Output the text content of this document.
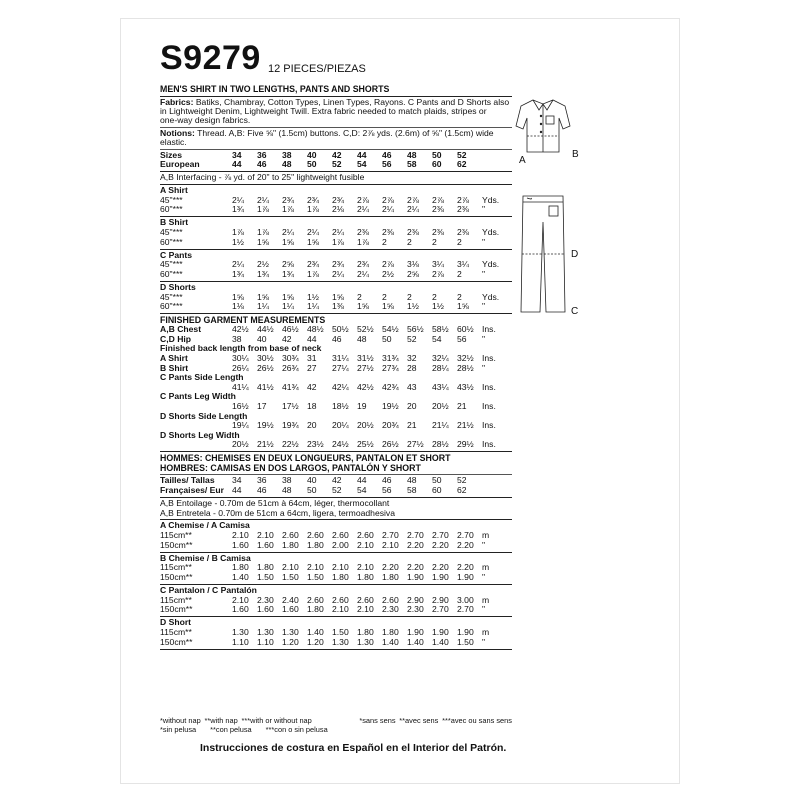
S9279 12 PIECES/PIEZAS
MEN'S SHIRT IN TWO LENGTHS, PANTS AND SHORTS
Fabrics: Batiks, Chambray, Cotton Types, Linen Types, Rayons. C Pants and D Shorts also
in Lightweight Denim, Lightweight Twill. Extra fabric needed to match plaids, stripes or
one-way design fabrics.
Notions: Thread. A,B: Five ⅝" (1.5cm) buttons. C,D: 2⅞ yds. (2.6m) of ⅝" (1.5cm) wide
elastic.
Sizes	34	36	38	40	42	44	46	48	50	52
European	44	46	48	50	52	54	56	58	60	62
A,B Interfacing - ⅞ yd. of 20" to 25" lightweight fusible
A Shirt
45"***	2¼	2¼	2¾	2¾	2¾	2⅞	2⅞	2⅞	2⅞	2⅞	Yds.
60"***	1¾	1⅞	1⅞	1⅞	2⅛	2¼	2¼	2¼	2⅜	2⅜	"
B Shirt
45"***	1⅞	1⅞	2¼	2¼	2¼	2⅜	2⅜	2⅜	2⅜	2⅜	Yds.
60"***	1½	1⅝	1⅝	1⅝	1⅞	1⅞	2	2	2	2	"
C Pants
45"***	2¼	2½	2⅝	2¾	2¾	2¾	2⅞	3⅛	3¼	3¼	Yds.
60"***	1¾	1¾	1¾	1⅞	2¼	2¼	2½	2⅝	2⅞	2	"
D Shorts
45"***	1⅝	1⅝	1⅝	1½	1⅝	2	2	2	2	2	Yds.
60"***	1⅛	1¼	1¼	1¼	1⅜	1⅝	1⅝	1½	1½	1⅝	"
FINISHED GARMENT MEASUREMENTS
A,B Chest	42½ 44½ 46½ 48½ 50½ 52½ 54½ 56½ 58½ 60½ Ins.
C,D Hip	38	40	42	44	46	48	50	52	54	56	"
Finished back length from base of neck
A Shirt	30¼ 30½ 30¾ 31	31¼ 31½ 31¾ 32	32¼ 32½ Ins.
B Shirt	26¼ 26½ 26¾ 27	27¼ 27½ 27¾ 28	28¼ 28½ "
C Pants Side Length
41¼ 41½ 41¾ 42	42¼ 42½ 42¾ 43	43¼ 43½ Ins.
C Pants Leg Width
16½ 17	17½ 18	18½ 19	19½ 20	20½ 21	Ins.
D Shorts Side Length
19¼ 19½ 19¾ 20	20¼ 20½ 20¾ 21	21¼ 21½ Ins.
D Shorts Leg Width
20½ 21½ 22½ 23½ 24½ 25½ 26½ 27½ 28½ 29½ Ins.
HOMMES: CHEMISES EN DEUX LONGUEURS, PANTALON ET SHORT
HOMBRES: CAMISAS EN DOS LARGOS, PANTALÓN Y SHORT
Tailles/ Tallas	34	36	38	40	42	44	46	48	50	52
Françaises/ Eur 44	46	48	50	52	54	56	58	60	62
A,B Entoilage - 0.70m de 51cm à 64cm, léger, thermocollant
A,B Entretela - 0.70m de 51cm a 64cm, ligera, termoadhesiva
A Chemise / A Camisa
115cm**	2.10 2.10 2.60 2.60 2.60 2.60 2.70 2.70 2.70 2.70 m
150cm**	1.60 1.60 1.80 1.80 2.00 2.10 2.10 2.20 2.20 2.20 "
B Chemise / B Camisa
115cm**	1.80 1.80 2.10 2.10 2.10 2.10 2.20 2.20 2.20 2.20 m
150cm**	1.40 1.50 1.50 1.50 1.80 1.80 1.80 1.90 1.90 1.90 "
C Pantalon / C Pantalón
115cm**	2.10 2.30 2.40 2.60 2.60 2.60 2.60 2.90 2.90 3.00 m
150cm**	1.60 1.60 1.60 1.80 2.10 2.10 2.30 2.30 2.70 2.70 "
D Short
115cm**	1.30 1.30 1.30 1.40 1.50 1.80 1.80 1.90 1.90 1.90 m
150cm**	1.10 1.10 1.20 1.20 1.30 1.30 1.40 1.40 1.40 1.50 "
*without nap **with nap ***with or without nap	*sans sens **avec sens ***avec ou sans sens
*sin pelusa **con pelusa ***con o sin pelusa
Instrucciones de costura en Español en el Interior del Patrón.
A
B
D
C
